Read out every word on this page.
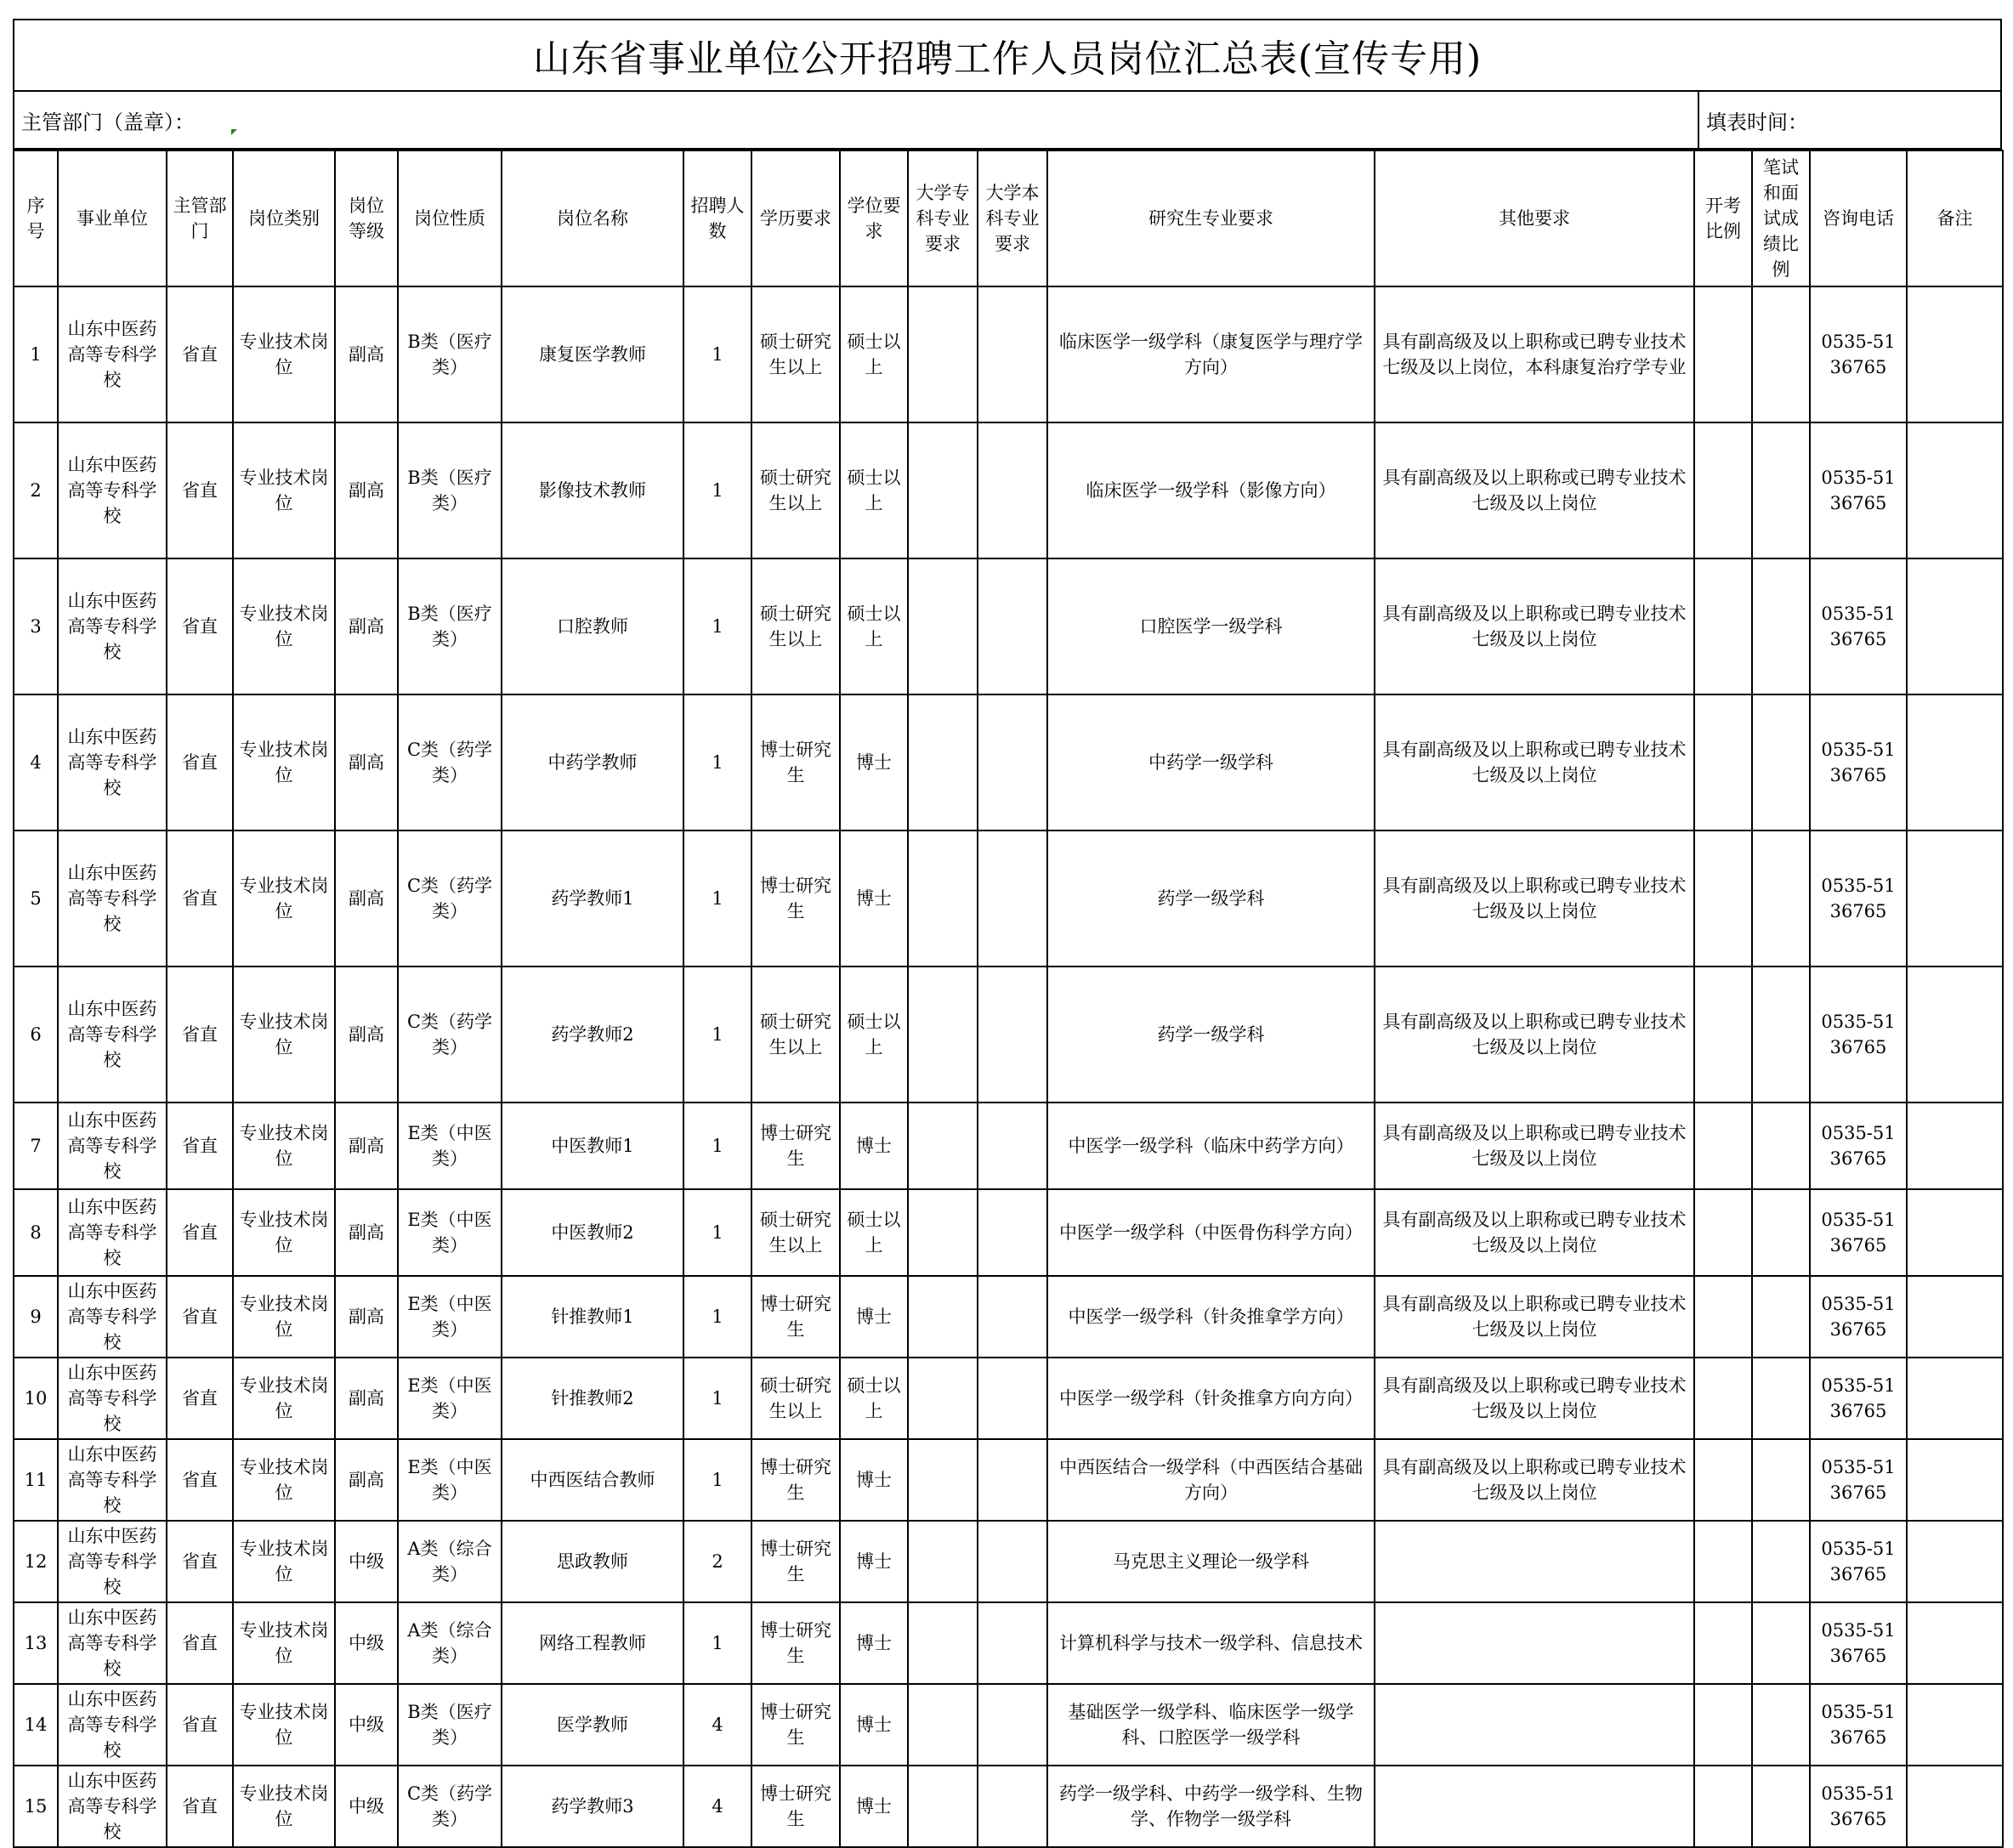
山东省事业单位公开招聘工作人员岗位汇总表(宣传专用)
主管部门（盖章）：	填表时间：
序号	事业单位	主管部门	岗位类别	岗位等级	岗位性质	岗位名称	招聘人数	学历要求	学位要求	大学专科专业要求	大学本科专业要求	研究生专业要求	其他要求	开考比例	笔试和面试成绩比例	咨询电话	备注
1	山东中医药高等专科学校	省直	专业技术岗位	副高	B类（医疗类）	康复医学教师	1	硕士研究生以上	硕士以上			临床医学一级学科（康复医学与理疗学方向）	具有副高级及以上职称或已聘专业技术七级及以上岗位，本科康复治疗学专业			0535-5136765	
2	山东中医药高等专科学校	省直	专业技术岗位	副高	B类（医疗类）	影像技术教师	1	硕士研究生以上	硕士以上			临床医学一级学科（影像方向）	具有副高级及以上职称或已聘专业技术七级及以上岗位			0535-5136765	
3	山东中医药高等专科学校	省直	专业技术岗位	副高	B类（医疗类）	口腔教师	1	硕士研究生以上	硕士以上			口腔医学一级学科	具有副高级及以上职称或已聘专业技术七级及以上岗位			0535-5136765	
4	山东中医药高等专科学校	省直	专业技术岗位	副高	C类（药学类）	中药学教师	1	博士研究生	博士			中药学一级学科	具有副高级及以上职称或已聘专业技术七级及以上岗位			0535-5136765	
5	山东中医药高等专科学校	省直	专业技术岗位	副高	C类（药学类）	药学教师1	1	博士研究生	博士			药学一级学科	具有副高级及以上职称或已聘专业技术七级及以上岗位			0535-5136765	
6	山东中医药高等专科学校	省直	专业技术岗位	副高	C类（药学类）	药学教师2	1	硕士研究生以上	硕士以上			药学一级学科	具有副高级及以上职称或已聘专业技术七级及以上岗位			0535-5136765	
7	山东中医药高等专科学校	省直	专业技术岗位	副高	E类（中医类）	中医教师1	1	博士研究生	博士			中医学一级学科（临床中药学方向）	具有副高级及以上职称或已聘专业技术七级及以上岗位			0535-5136765	
8	山东中医药高等专科学校	省直	专业技术岗位	副高	E类（中医类）	中医教师2	1	硕士研究生以上	硕士以上			中医学一级学科（中医骨伤科学方向）	具有副高级及以上职称或已聘专业技术七级及以上岗位			0535-5136765	
9	山东中医药高等专科学校	省直	专业技术岗位	副高	E类（中医类）	针推教师1	1	博士研究生	博士			中医学一级学科（针灸推拿学方向）	具有副高级及以上职称或已聘专业技术七级及以上岗位			0535-5136765	
10	山东中医药高等专科学校	省直	专业技术岗位	副高	E类（中医类）	针推教师2	1	硕士研究生以上	硕士以上			中医学一级学科（针灸推拿方向方向）	具有副高级及以上职称或已聘专业技术七级及以上岗位			0535-5136765	
11	山东中医药高等专科学校	省直	专业技术岗位	副高	E类（中医类）	中西医结合教师	1	博士研究生	博士			中西医结合一级学科（中西医结合基础方向）	具有副高级及以上职称或已聘专业技术七级及以上岗位			0535-5136765	
12	山东中医药高等专科学校	省直	专业技术岗位	中级	A类（综合类）	思政教师	2	博士研究生	博士			马克思主义理论一级学科				0535-5136765	
13	山东中医药高等专科学校	省直	专业技术岗位	中级	A类（综合类）	网络工程教师	1	博士研究生	博士			计算机科学与技术一级学科、信息技术				0535-5136765	
14	山东中医药高等专科学校	省直	专业技术岗位	中级	B类（医疗类）	医学教师	4	博士研究生	博士			基础医学一级学科、临床医学一级学科、口腔医学一级学科				0535-5136765	
15	山东中医药高等专科学校	省直	专业技术岗位	中级	C类（药学类）	药学教师3	4	博士研究生	博士			药学一级学科、中药学一级学科、生物学、作物学一级学科				0535-5136765	
